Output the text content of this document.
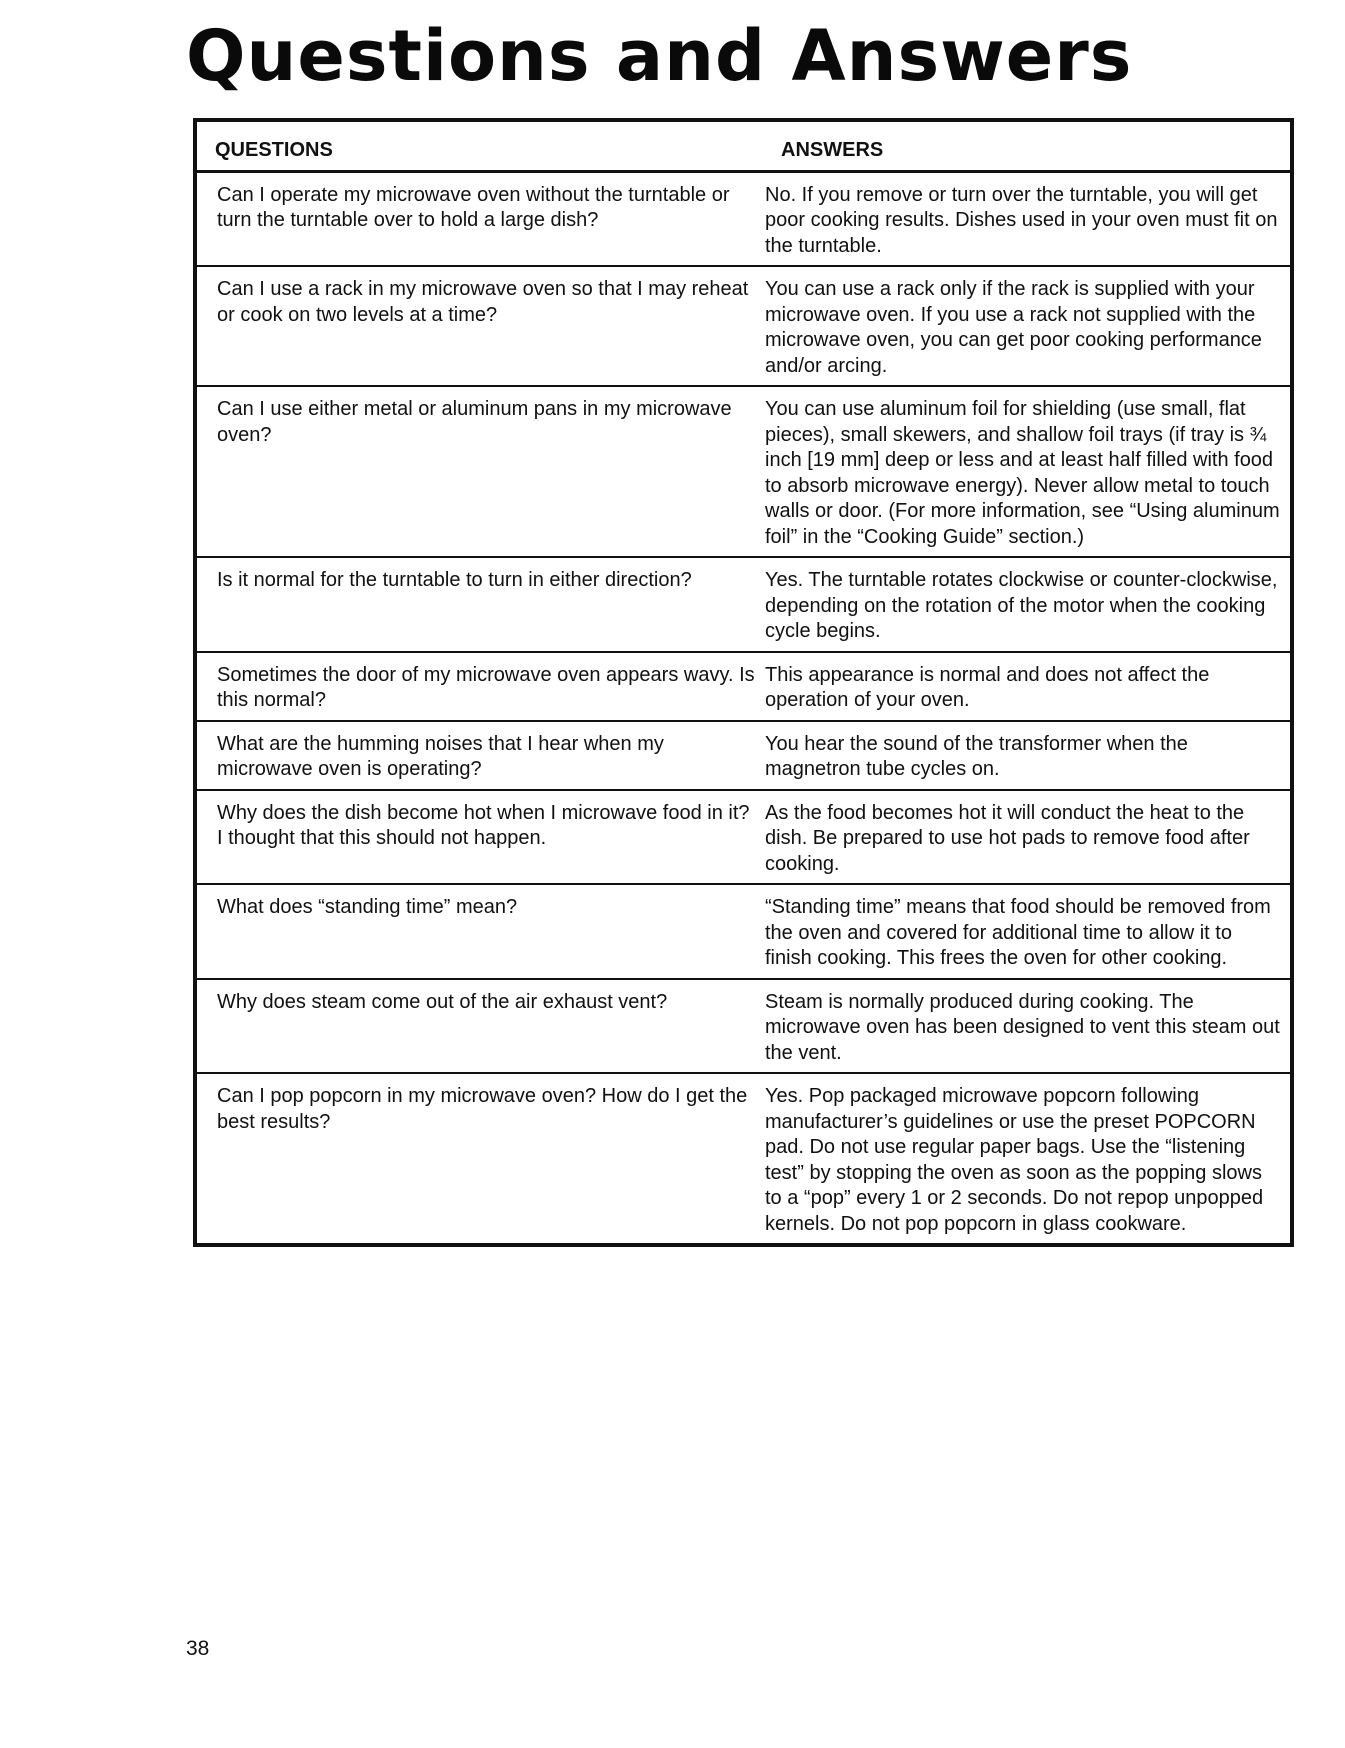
Questions and Answers
QUESTIONS	ANSWERS
Can I operate my microwave oven without the turntable or turn the turntable over to hold a large dish?	No. If you remove or turn over the turntable, you will get poor cooking results. Dishes used in your oven must fit on the turntable.
Can I use a rack in my microwave oven so that I may reheat or cook on two levels at a time?	You can use a rack only if the rack is supplied with your microwave oven. If you use a rack not supplied with the microwave oven, you can get poor cooking performance and/or arcing.
Can I use either metal or aluminum pans in my microwave oven?	You can use aluminum foil for shielding (use small, flat pieces), small skewers, and shallow foil trays (if tray is ¾ inch [19 mm] deep or less and at least half filled with food to absorb microwave energy). Never allow metal to touch walls or door. (For more information, see “Using aluminum foil” in the “Cooking Guide” section.)
Is it normal for the turntable to turn in either direction?	Yes. The turntable rotates clockwise or counter-clockwise, depending on the rotation of the motor when the cooking cycle begins.
Sometimes the door of my microwave oven appears wavy. Is this normal?	This appearance is normal and does not affect the operation of your oven.
What are the humming noises that I hear when my microwave oven is operating?	You hear the sound of the transformer when the magnetron tube cycles on.
Why does the dish become hot when I microwave food in it? I thought that this should not happen.	As the food becomes hot it will conduct the heat to the dish. Be prepared to use hot pads to remove food after cooking.
What does “standing time” mean?	“Standing time” means that food should be removed from the oven and covered for additional time to allow it to finish cooking. This frees the oven for other cooking.
Why does steam come out of the air exhaust vent?	Steam is normally produced during cooking. The microwave oven has been designed to vent this steam out the vent.
Can I pop popcorn in my microwave oven? How do I get the best results?	Yes. Pop packaged microwave popcorn following manufacturer’s guidelines or use the preset POPCORN pad. Do not use regular paper bags. Use the “listening test” by stopping the oven as soon as the popping slows to a “pop” every 1 or 2 seconds. Do not repop unpopped kernels. Do not pop popcorn in glass cookware.
38
